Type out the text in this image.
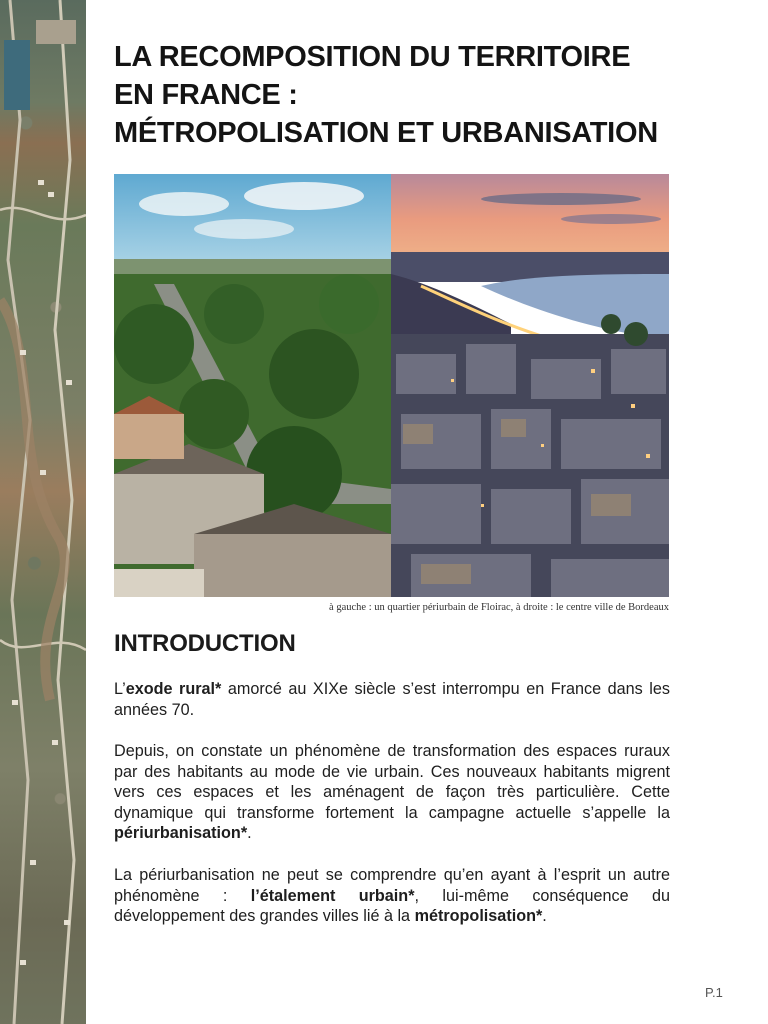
LA RECOMPOSITION DU TERRITOIRE
EN FRANCE :
MÉTROPOLISATION ET URBANISATION
à gauche : un quartier périurbain de Floirac, à droite : le centre ville de Bordeaux
INTRODUCTION

L’exode rural* amorcé au XIXe siècle s’est interrompu en France dans les années 70.

Depuis, on constate un phénomène de transformation des espaces ruraux par des habitants au mode de vie urbain. Ces nouveaux habitants migrent vers ces espaces et les aménagent de façon très particulière. Cette dynamique qui transforme fortement la campagne actuelle s’appelle la périurbanisation*.

La périurbanisation ne peut se comprendre qu’en ayant à l’esprit un autre phénomène : l’étalement urbain*, lui-même conséquence du développement des grandes villes lié à la métropolisation*.

P.1
